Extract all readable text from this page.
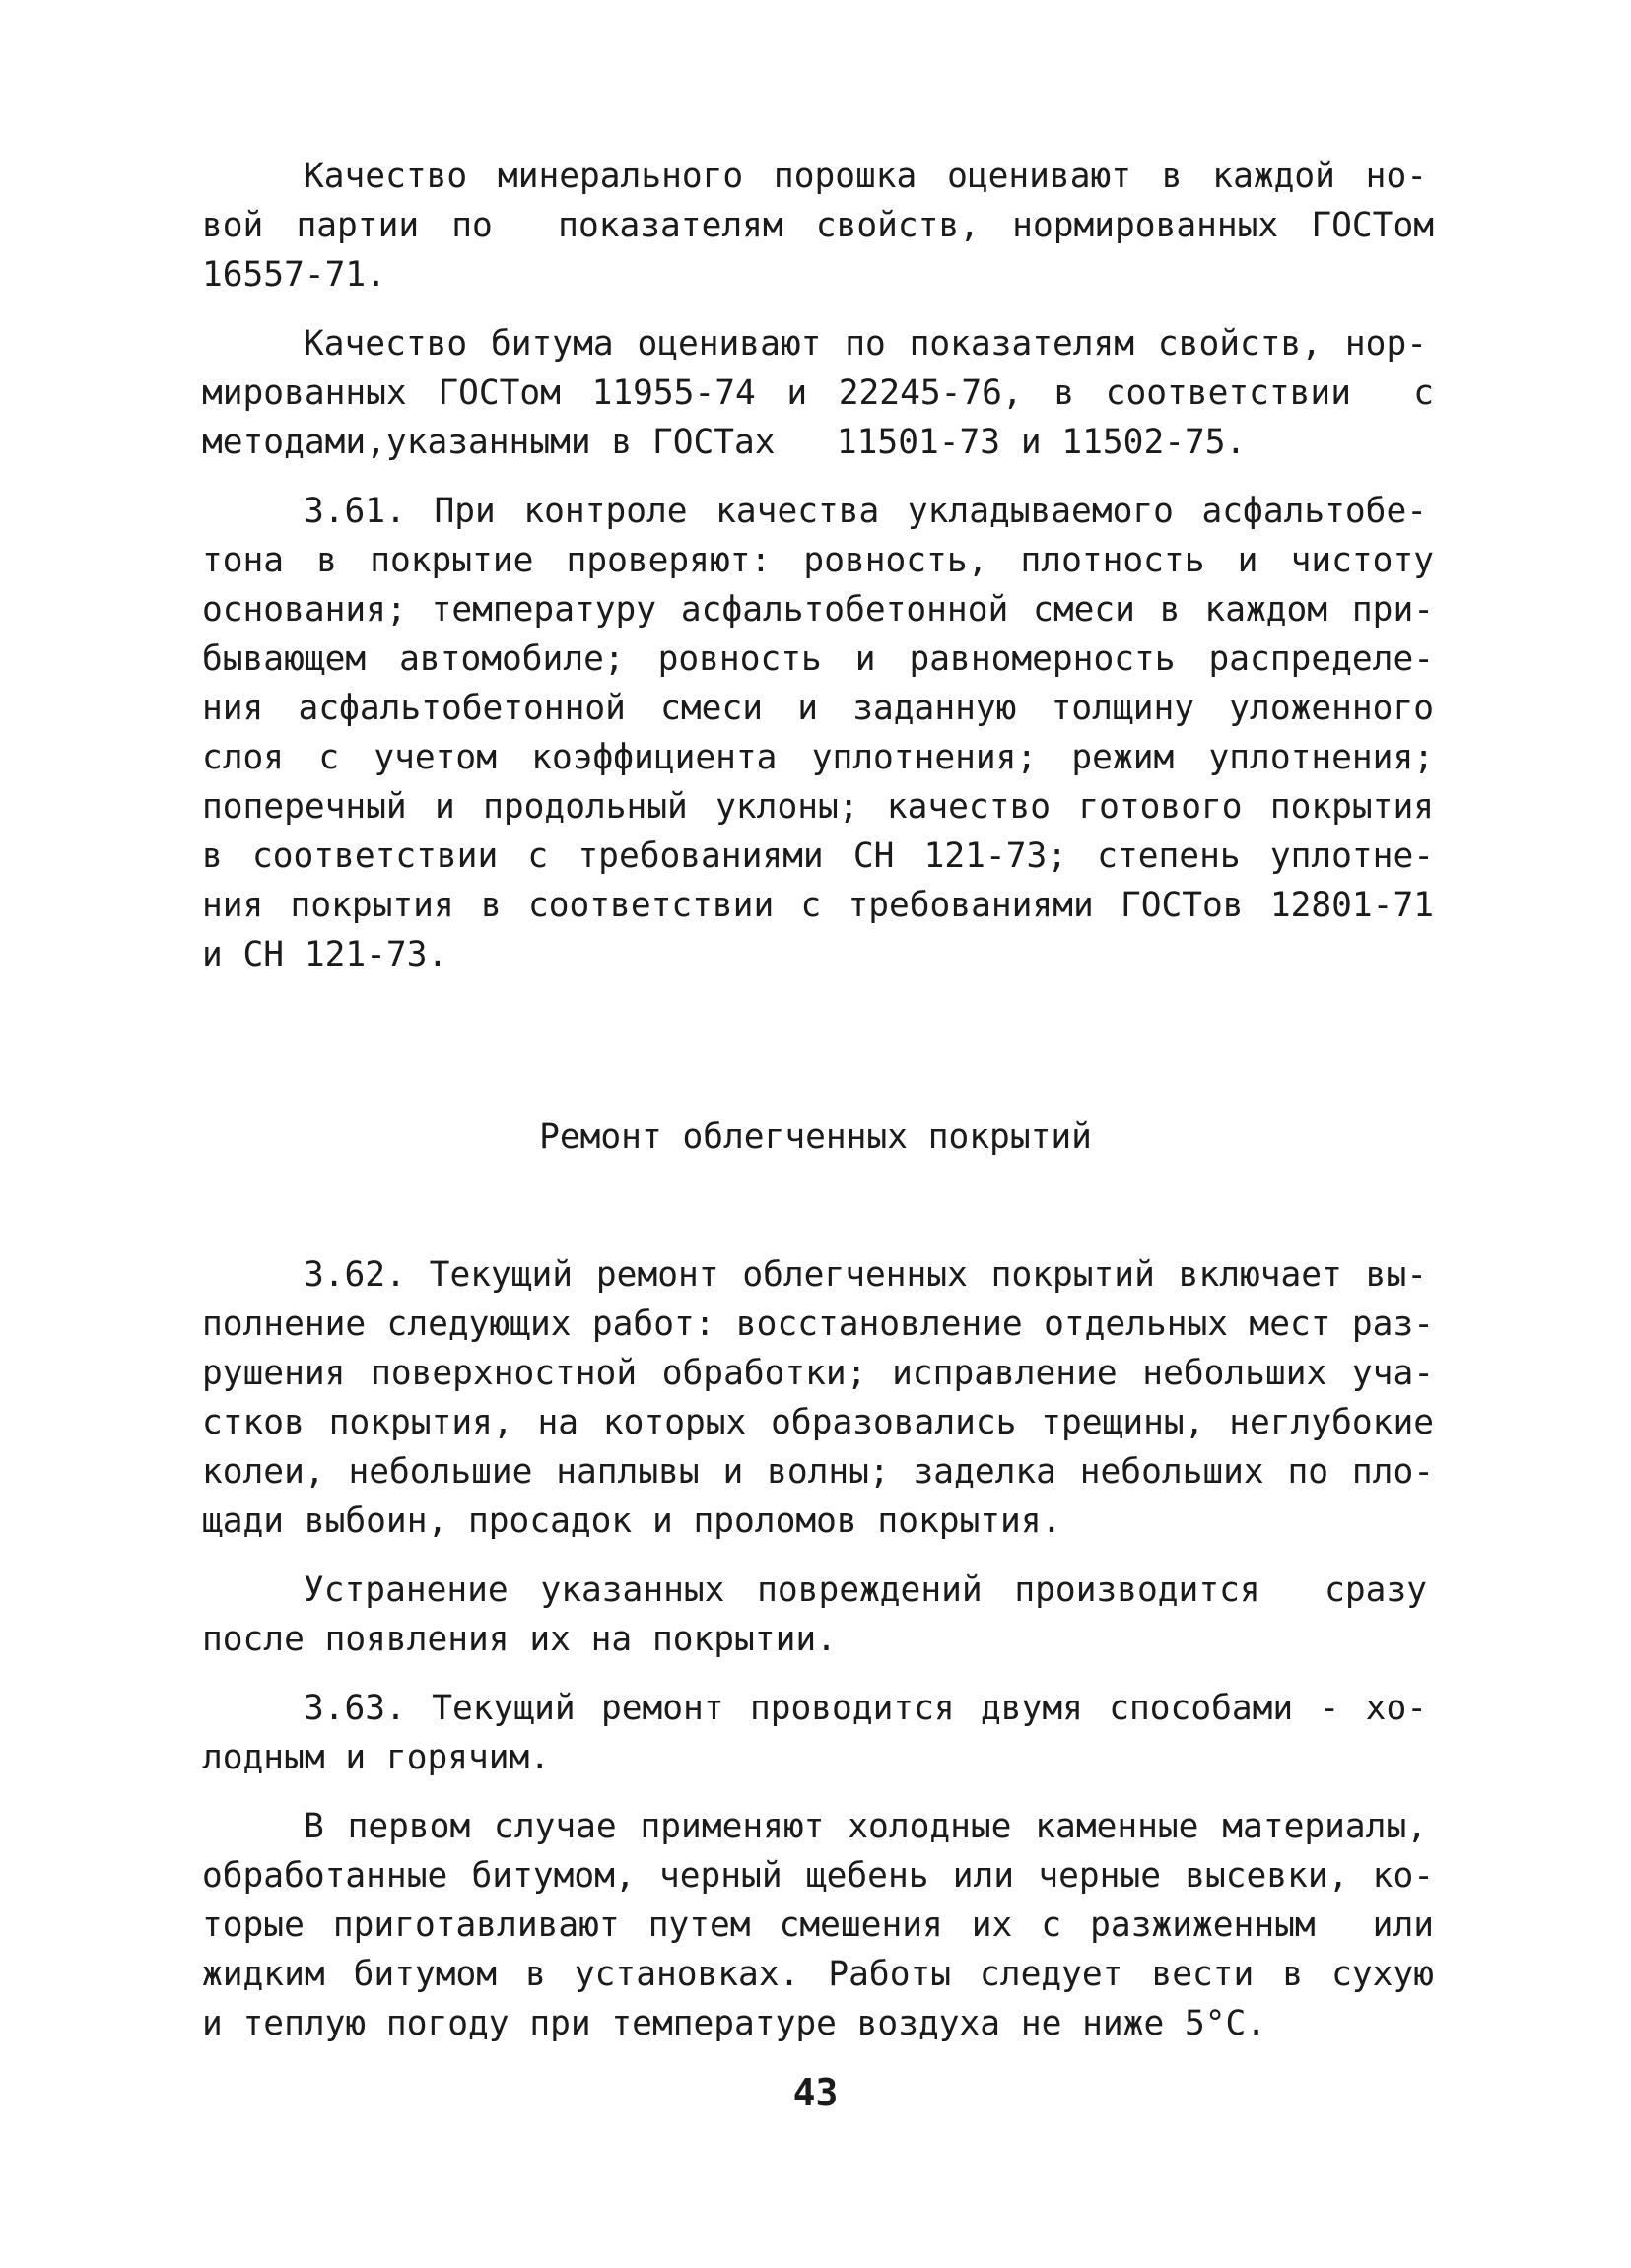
Качество минерального порошка оценивают в каждой но-
вой партии по  показателям свойств, нормированных ГОСТом
16557-71.
Качество битума оценивают по показателям свойств, нор-
мированных ГОСТом 11955-74 и 22245-76, в соответствии  с
методами,указанными в ГОСТах   11501-73 и 11502-75.
3.61. При контроле качества укладываемого асфальтобе-
тона в покрытие проверяют: ровность, плотность и чистоту
основания; температуру асфальтобетонной смеси в каждом при-
бывающем автомобиле; ровность и равномерность распределе-
ния асфальтобетонной смеси и заданную толщину уложенного
слоя с учетом коэффициента уплотнения; режим уплотнения;
поперечный и продольный уклоны; качество готового покрытия
в соответствии с требованиями СН 121-73; степень уплотне-
ния покрытия в соответствии с требованиями ГОСТов 12801-71
и СН 121-73.
Ремонт облегченных покрытий
3.62. Текущий ремонт облегченных покрытий включает вы-
полнение следующих работ: восстановление отдельных мест раз-
рушения поверхностной обработки; исправление небольших уча-
стков покрытия, на которых образовались трещины, неглубокие
колеи, небольшие наплывы и волны; заделка небольших по пло-
щади выбоин, просадок и проломов покрытия.
Устранение указанных повреждений производится  сразу
после появления их на покрытии.
3.63. Текущий ремонт проводится двумя способами - хо-
лодным и горячим.
В первом случае применяют холодные каменные материалы,
обработанные битумом, черный щебень или черные высевки, ко-
торые приготавливают путем смешения их с разжиженным  или
жидким битумом в установках. Работы следует вести в сухую
и теплую погоду при температуре воздуха не ниже 5°С.
43
